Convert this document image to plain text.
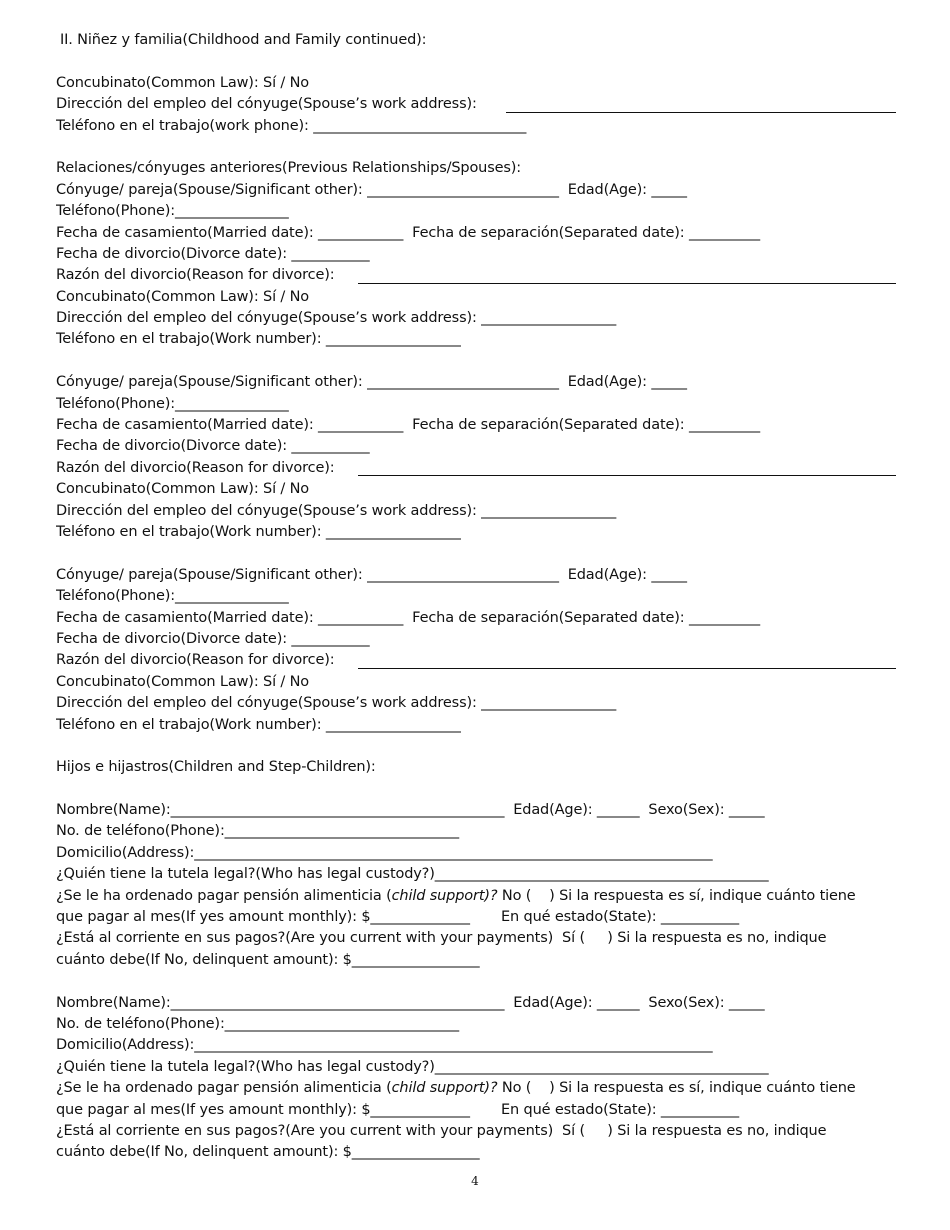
II. Niñez y familia(Childhood and Family continued):
Concubinato(Common Law): Sí / No
Dirección del empleo del cónyuge(Spouse’s work address):
Teléfono en el trabajo(work phone): ______________________________
Relaciones/cónyuges anteriores(Previous Relationships/Spouses):
Cónyuge/ pareja(Spouse/Significant other): ___________________________  Edad(Age): _____
Teléfono(Phone):________________
Fecha de casamiento(Married date): ____________  Fecha de separación(Separated date): __________
Fecha de divorcio(Divorce date): ___________
Razón del divorcio(Reason for divorce):
Concubinato(Common Law): Sí / No
Dirección del empleo del cónyuge(Spouse’s work address): ___________________
Teléfono en el trabajo(Work number): ___________________
Cónyuge/ pareja(Spouse/Significant other): ___________________________  Edad(Age): _____
Teléfono(Phone):________________
Fecha de casamiento(Married date): ____________  Fecha de separación(Separated date): __________
Fecha de divorcio(Divorce date): ___________
Razón del divorcio(Reason for divorce):
Concubinato(Common Law): Sí / No
Dirección del empleo del cónyuge(Spouse’s work address): ___________________
Teléfono en el trabajo(Work number): ___________________
Cónyuge/ pareja(Spouse/Significant other): ___________________________  Edad(Age): _____
Teléfono(Phone):________________
Fecha de casamiento(Married date): ____________  Fecha de separación(Separated date): __________
Fecha de divorcio(Divorce date): ___________
Razón del divorcio(Reason for divorce):
Concubinato(Common Law): Sí / No
Dirección del empleo del cónyuge(Spouse’s work address): ___________________
Teléfono en el trabajo(Work number): ___________________
Hijos e hijastros(Children and Step-Children):
Nombre(Name):_______________________________________________  Edad(Age): ______  Sexo(Sex): _____
No. de teléfono(Phone):_________________________________
Domicilio(Address):_________________________________________________________________________
¿Quién tiene la tutela legal?(Who has legal custody?)_______________________________________________
¿Se le ha ordenado pagar pensión alimenticia (child support)? No (    ) Si la respuesta es sí, indique cuánto tiene
que pagar al mes(If yes amount monthly): $______________       En qué estado(State): ___________
¿Está al corriente en sus pagos?(Are you current with your payments)  Sí (     ) Si la respuesta es no, indique
cuánto debe(If No, delinquent amount): $__________________
Nombre(Name):_______________________________________________  Edad(Age): ______  Sexo(Sex): _____
No. de teléfono(Phone):_________________________________
Domicilio(Address):_________________________________________________________________________
¿Quién tiene la tutela legal?(Who has legal custody?)_______________________________________________
¿Se le ha ordenado pagar pensión alimenticia (child support)? No (    ) Si la respuesta es sí, indique cuánto tiene
que pagar al mes(If yes amount monthly): $______________       En qué estado(State): ___________
¿Está al corriente en sus pagos?(Are you current with your payments)  Sí (     ) Si la respuesta es no, indique
cuánto debe(If No, delinquent amount): $__________________
4
